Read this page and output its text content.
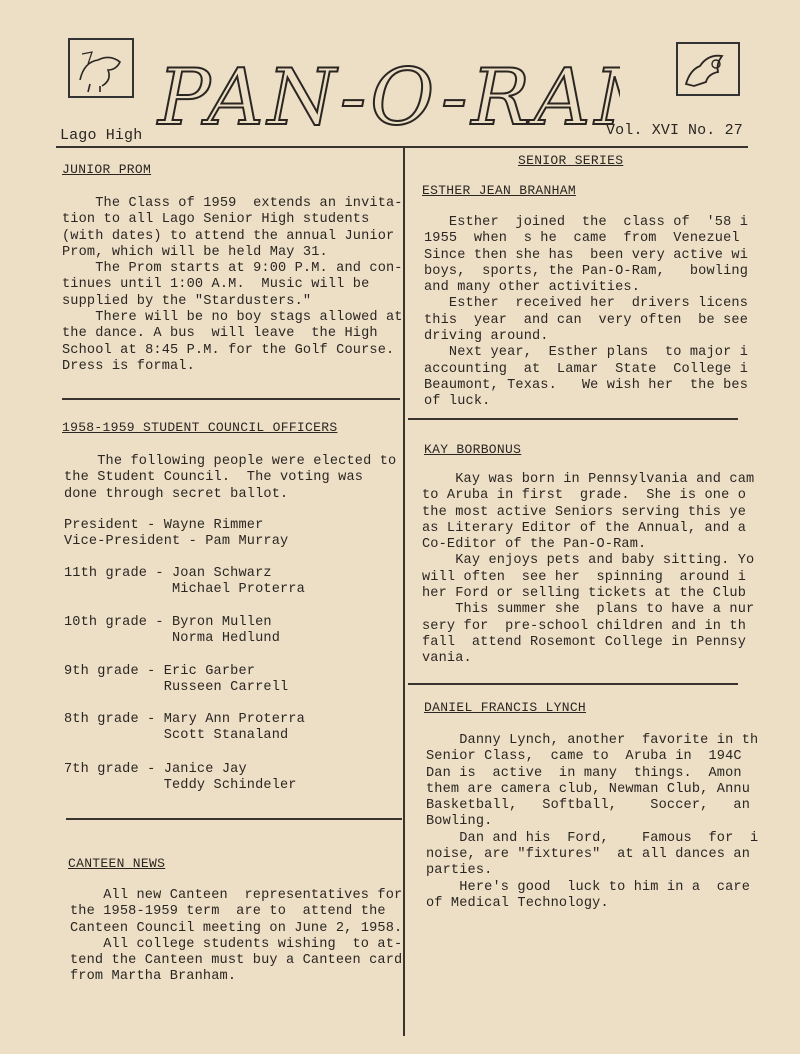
PAN-O-RA
Lago High	Vol. XVI No. 27
JUNIOR PROM
The Class of 1959  extends an invita-
tion to all Lago Senior High students
(with dates) to attend the annual Junior
Prom, which will be held May 31.
The Prom starts at 9:00 P.M. and con-
tinues until 1:00 A.M.  Music will be
supplied by the "Stardusters."
There will be no boy stags allowed at
the dance. A bus  will leave  the High
School at 8:45 P.M. for the Golf Course.
Dress is formal.
1958-1959 STUDENT COUNCIL OFFICERS
The following people were elected to
the Student Council.  The voting was
done through secret ballot.
President - Wayne Rimmer
Vice-President - Pam Murray
11th grade - Joan Schwarz
Michael Proterra
10th grade - Byron Mullen
Norma Hedlund
9th grade - Eric Garber
Russeen Carrell
8th grade - Mary Ann Proterra
Scott Stanaland
7th grade - Janice Jay
Teddy Schindeler
CANTEEN NEWS
All new Canteen  representatives for
the 1958-1959 term  are to  attend the
Canteen Council meeting on June 2, 1958.
All college students wishing  to at-
tend the Canteen must buy a Canteen card
from Martha Branham.
SENIOR SERIES
ESTHER JEAN BRANHAM
Esther  joined  the  class of  '58 i
1955  when  s he  came  from  Venezuel
Since then she has  been very active wi
boys,  sports, the Pan-O-Ram,   bowling
and many other activities.
Esther  received her  drivers licens
this  year  and can  very often  be see
driving around.
Next year,  Esther plans  to major i
accounting  at  Lamar  State  College i
Beaumont, Texas.   We wish her  the bes
of luck.
KAY BORBONUS
Kay was born in Pennsylvania and cam
to Aruba in first  grade.  She is one o
the most active Seniors serving this ye
as Literary Editor of the Annual, and a
Co-Editor of the Pan-O-Ram.
Kay enjoys pets and baby sitting. Yo
will often  see her  spinning  around i
her Ford or selling tickets at the Club
This summer she  plans to have a nur
sery for  pre-school children and in th
fall  attend Rosemont College in Pennsy
vania.
DANIEL FRANCIS LYNCH
Danny Lynch, another  favorite in th
Senior Class,  came to  Aruba in  194C
Dan is  active  in many  things.  Amon
them are camera club, Newman Club, Annu
Basketball,   Softball,    Soccer,   an
Bowling.
Dan and his  Ford,    Famous  for  i
noise, are "fixtures"  at all dances an
parties.
Here's good  luck to him in a  care
of Medical Technology.
